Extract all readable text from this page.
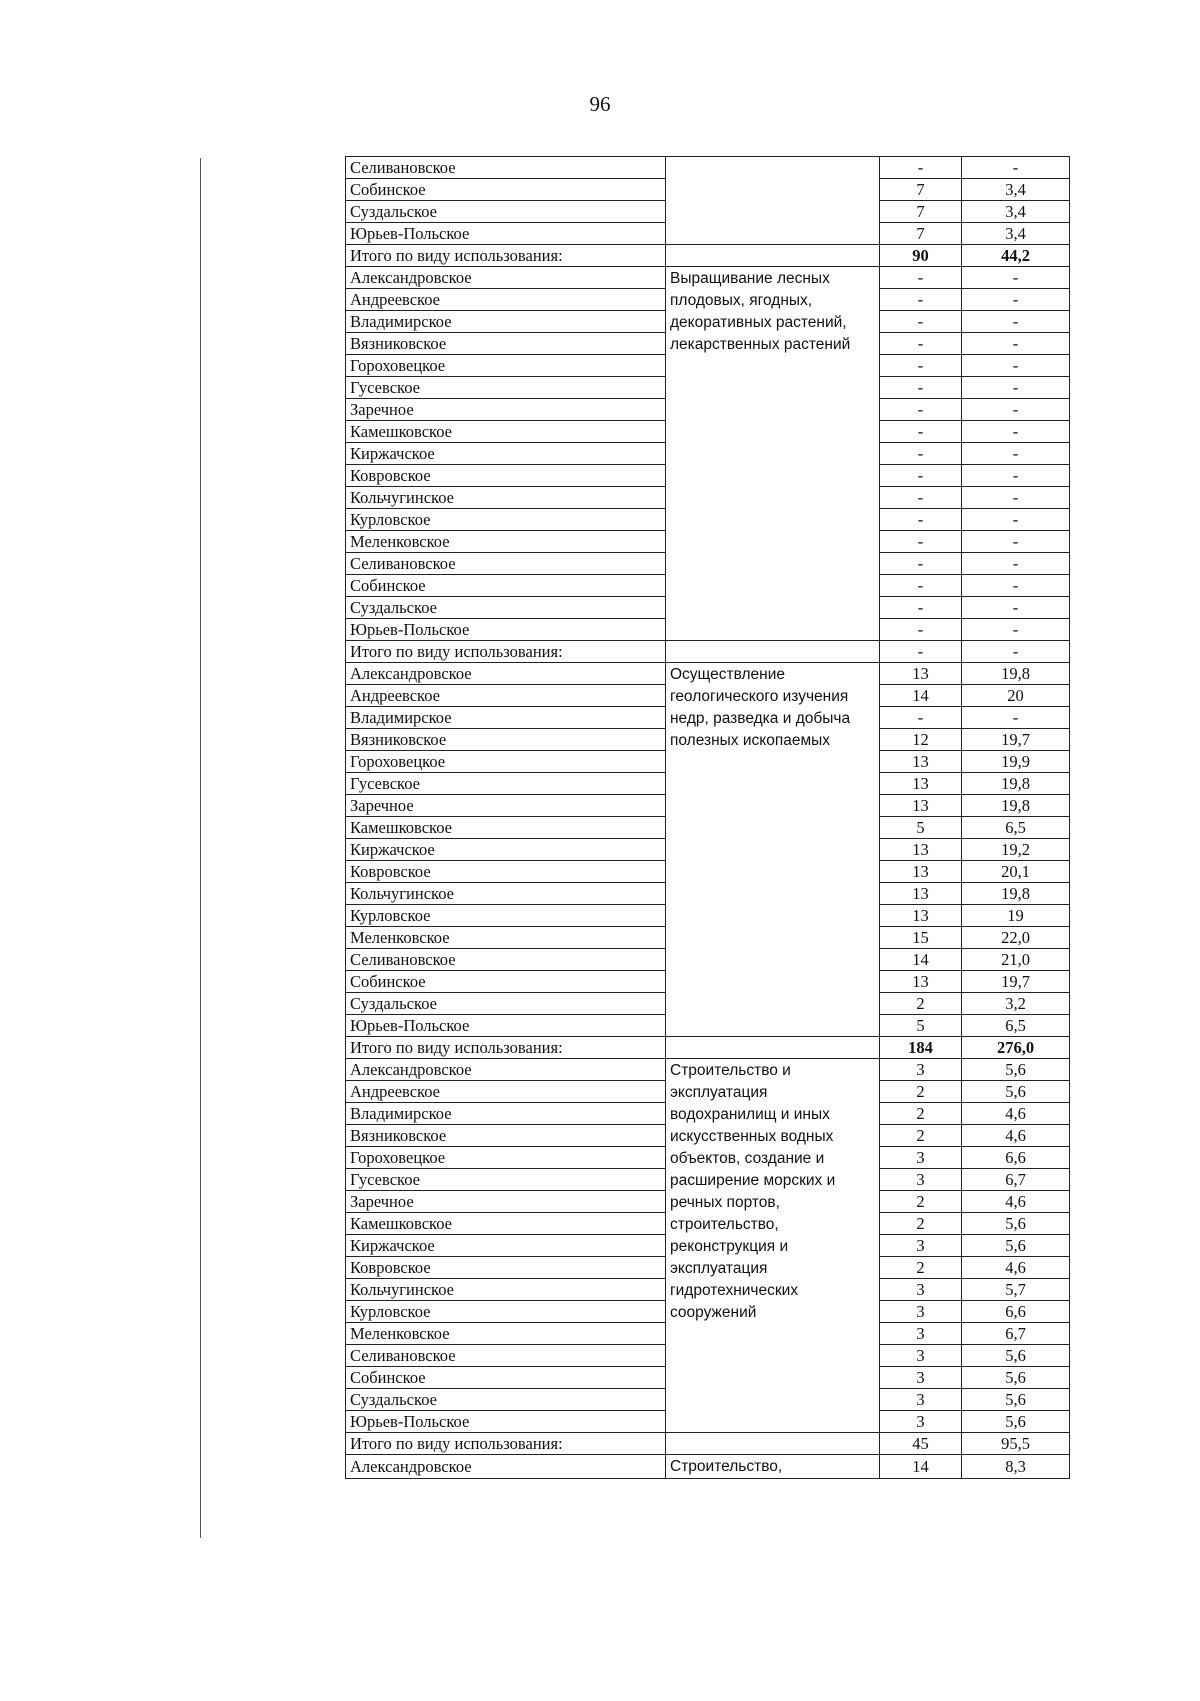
96
Селивановское		-	-
Собинское		7	3,4
Суздальское		7	3,4
Юрьев-Польское		7	3,4
Итого по виду использования:		90	44,2
Александровское	Выращивание лесных плодовых, ягодных, декоративных растений, лекарственных растений	-	-
Андреевское		-	-
Владимирское		-	-
Вязниковское		-	-
Гороховецкое		-	-
Гусевское		-	-
Заречное		-	-
Камешковское		-	-
Киржачское		-	-
Ковровское		-	-
Кольчугинское		-	-
Курловское		-	-
Меленковское		-	-
Селивановское		-	-
Собинское		-	-
Суздальское		-	-
Юрьев-Польское		-	-
Итого по виду использования:		-	-
Александровское	Осуществление геологического изучения недр, разведка и добыча полезных ископаемых	13	19,8
Андреевское		14	20
Владимирское		-	-
Вязниковское		12	19,7
Гороховецкое		13	19,9
Гусевское		13	19,8
Заречное		13	19,8
Камешковское		5	6,5
Киржачское		13	19,2
Ковровское		13	20,1
Кольчугинское		13	19,8
Курловское		13	19
Меленковское		15	22,0
Селивановское		14	21,0
Собинское		13	19,7
Суздальское		2	3,2
Юрьев-Польское		5	6,5
Итого по виду использования:		184	276,0
Александровское	Строительство и эксплуатация водохранилищ и иных искусственных водных объектов, создание и расширение морских и речных портов, строительство, реконструкция и эксплуатация гидротехнических сооружений	3	5,6
Андреевское		2	5,6
Владимирское		2	4,6
Вязниковское		2	4,6
Гороховецкое		3	6,6
Гусевское		3	6,7
Заречное		2	4,6
Камешковское		2	5,6
Киржачское		3	5,6
Ковровское		2	4,6
Кольчугинское		3	5,7
Курловское		3	6,6
Меленковское		3	6,7
Селивановское		3	5,6
Собинское		3	5,6
Суздальское		3	5,6
Юрьев-Польское		3	5,6
Итого по виду использования:		45	95,5
Александровское	Строительство,	14	8,3
